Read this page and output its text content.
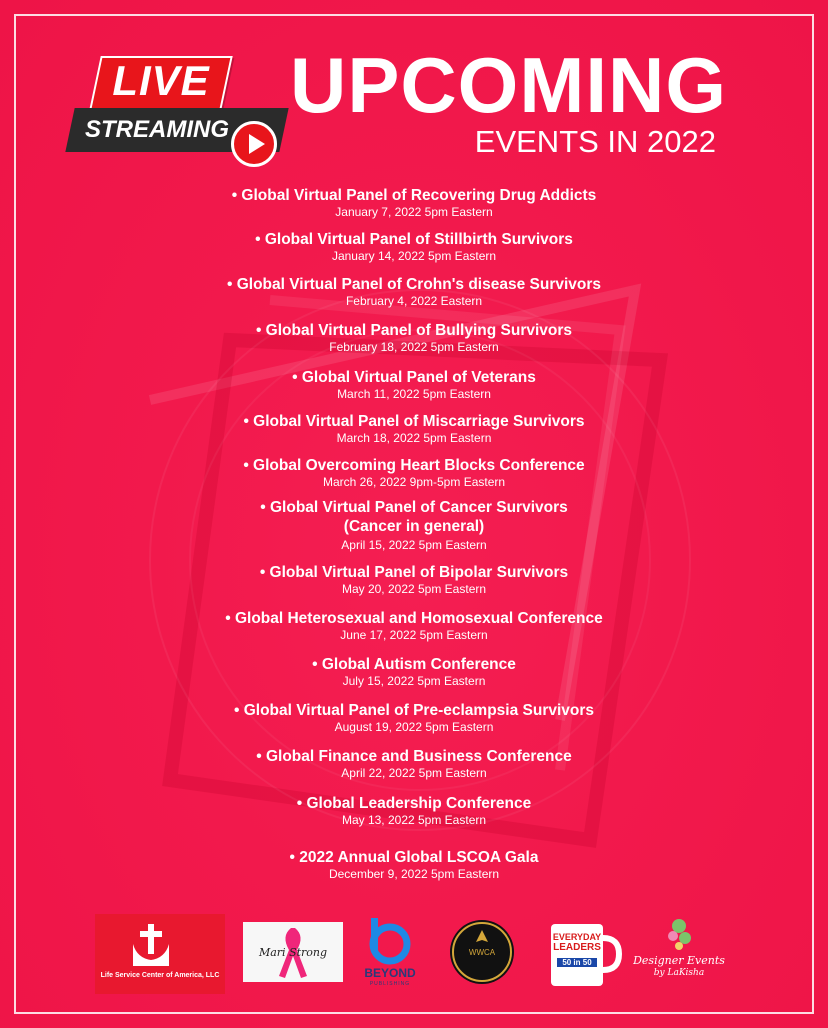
LIVE
STREAMING
UPCOMING
EVENTS IN 2022
• Global Virtual Panel of Recovering Drug Addicts
January 7, 2022 5pm Eastern
• Global Virtual Panel of Stillbirth Survivors
January 14, 2022 5pm Eastern
• Global Virtual Panel of Crohn's disease Survivors
February 4, 2022 Eastern
• Global Virtual Panel of Bullying Survivors
February 18, 2022 5pm Eastern
• Global Virtual Panel of Veterans
March 11, 2022 5pm Eastern
• Global Virtual Panel of Miscarriage Survivors
March 18, 2022 5pm Eastern
• Global Overcoming Heart Blocks Conference
March 26, 2022 9pm-5pm Eastern
• Global Virtual Panel of Cancer Survivors
(Cancer in general)
April 15, 2022 5pm Eastern
• Global Virtual Panel of Bipolar Survivors
May 20, 2022 5pm Eastern
• Global Heterosexual and Homosexual Conference
June 17, 2022 5pm Eastern
• Global Autism Conference
July 15, 2022 5pm Eastern
• Global Virtual Panel of Pre-eclampsia Survivors
August 19, 2022 5pm Eastern
• Global Finance and Business Conference
April 22, 2022 5pm Eastern
• Global Leadership Conference
May 13, 2022 5pm Eastern
• 2022 Annual Global LSCOA Gala
December 9, 2022 5pm Eastern
Life Service Center of America, LLC
Mari Strong
BEYOND
PUBLISHING
WWCA
EVERYDAY
LEADERS
50 in 50	Designer Events
by LaKisha
